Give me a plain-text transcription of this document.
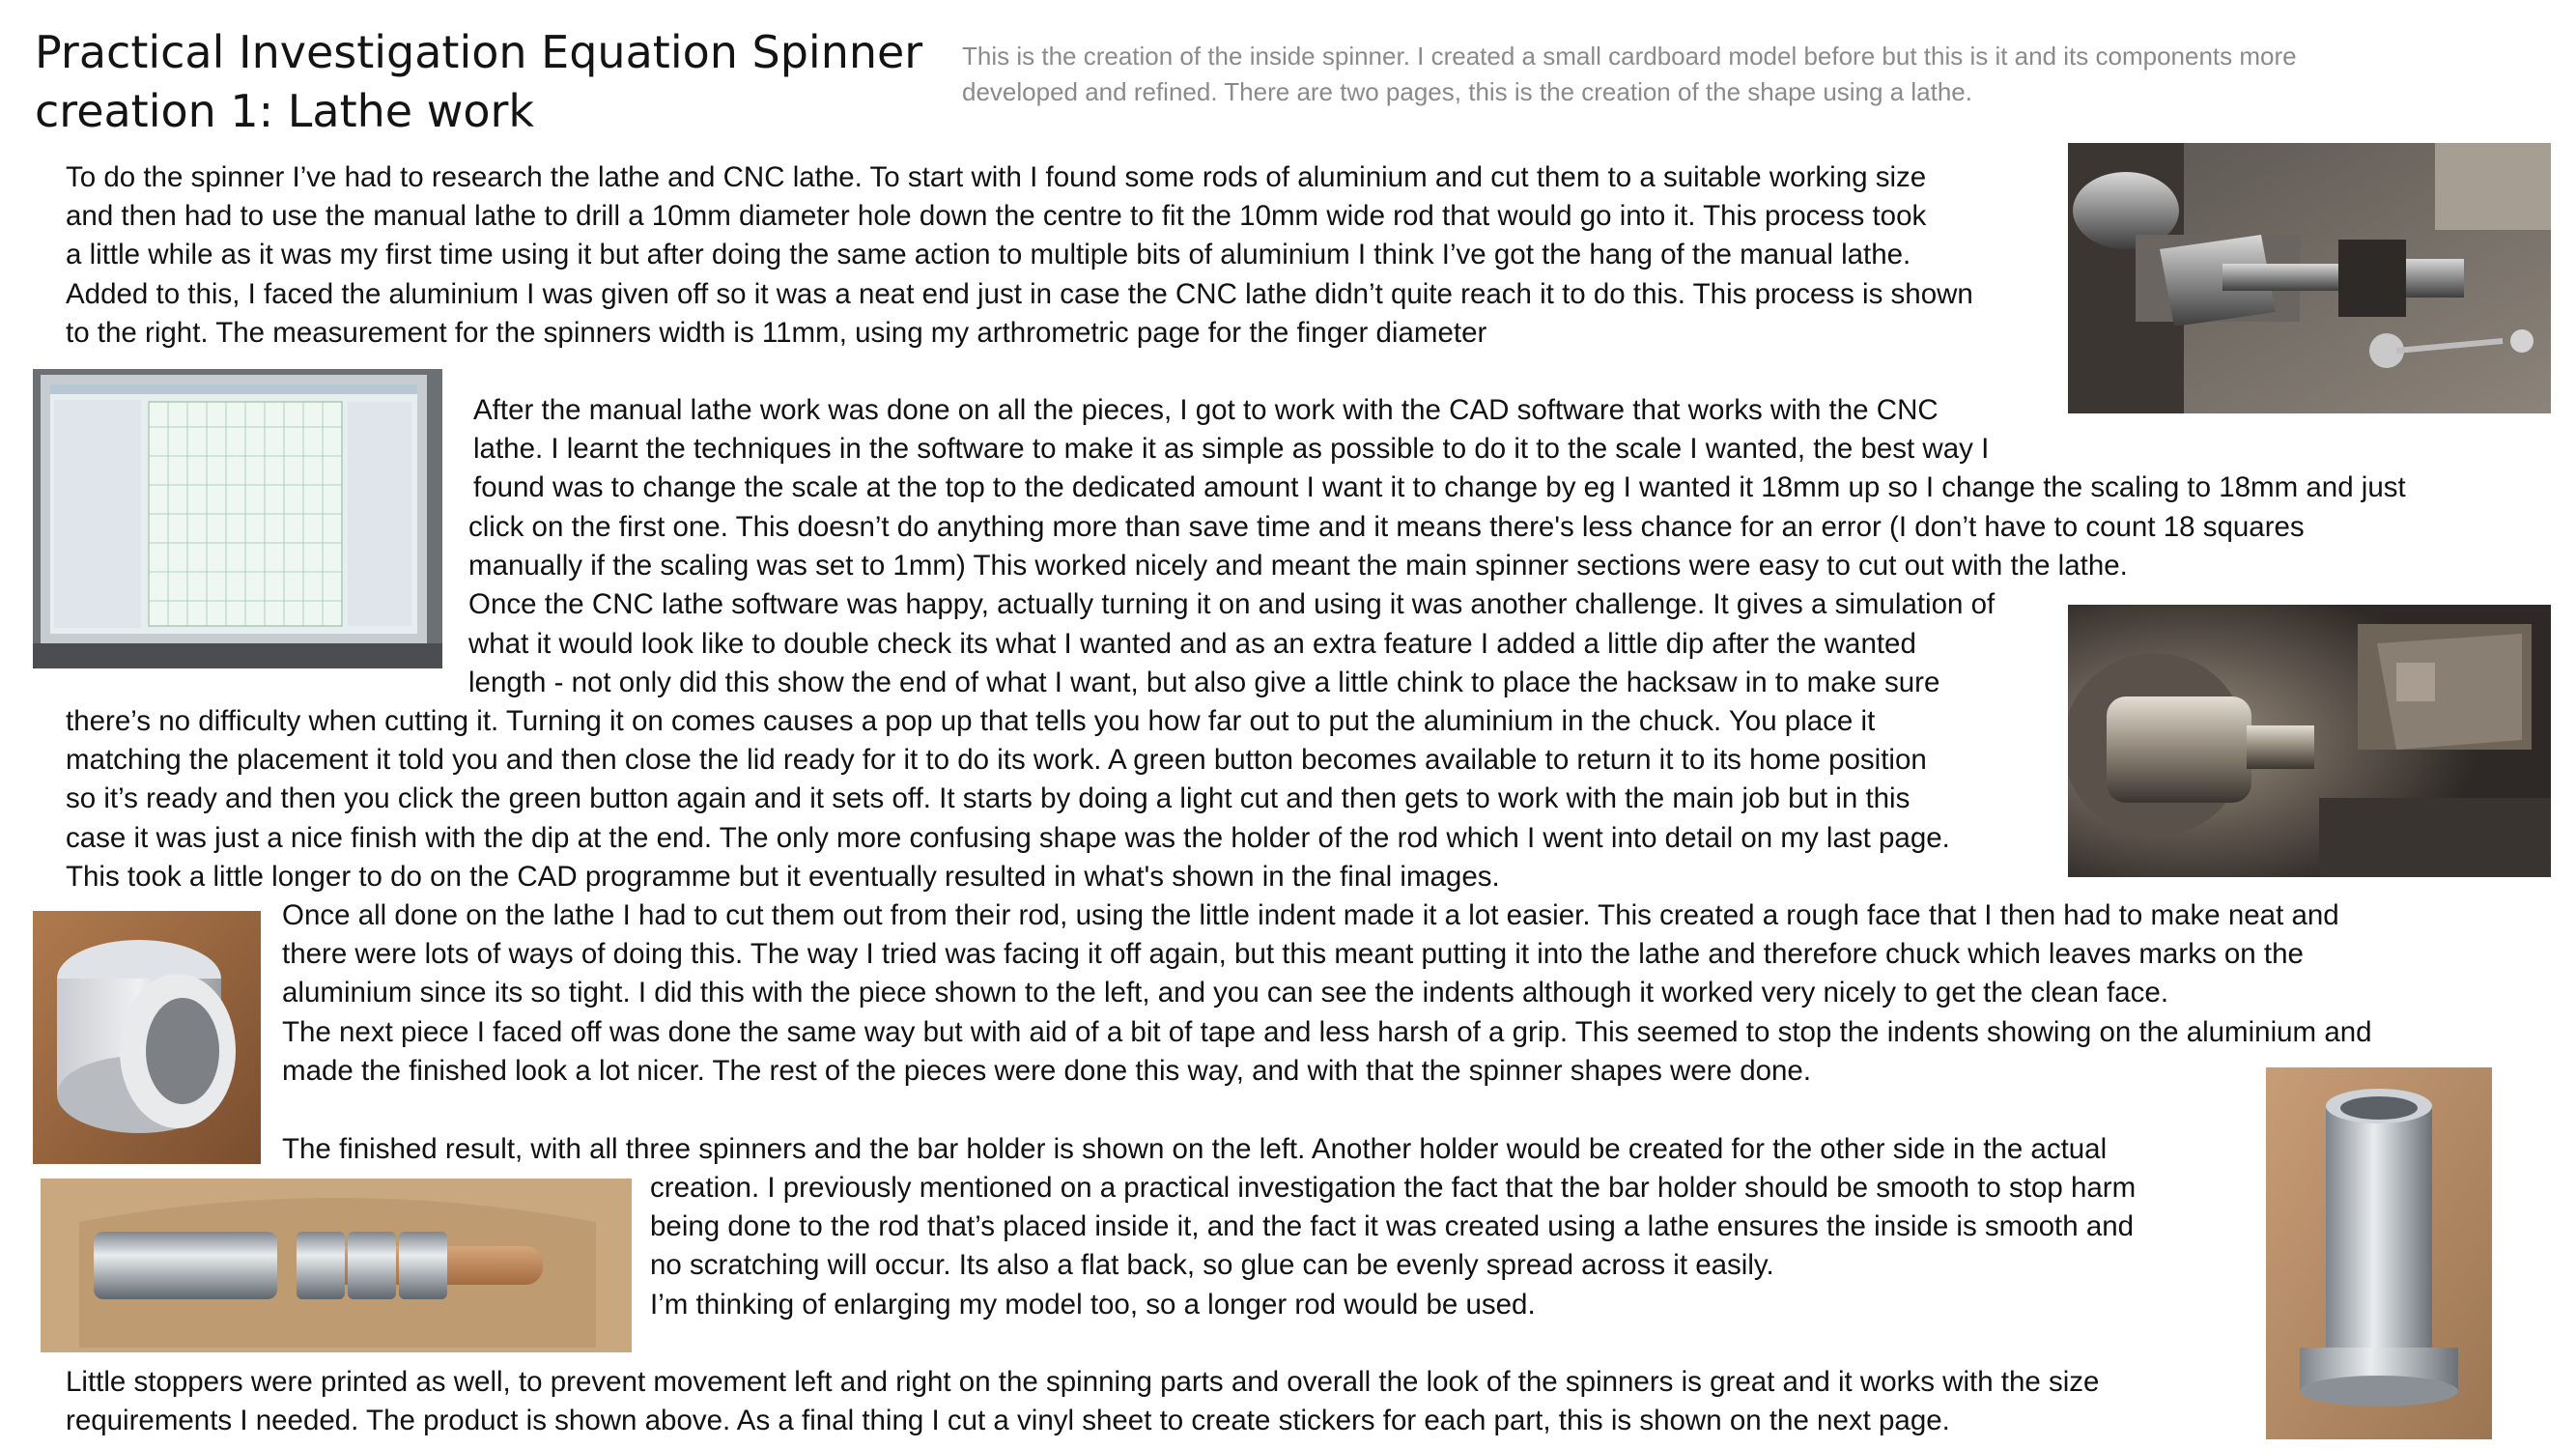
Practical Investigation Equation Spinner
creation 1: Lathe work
This is the creation of the inside spinner. I created a small cardboard model before but this is it and its components more
developed and refined. There are two pages, this is the creation of the shape using a lathe.
To do the spinner I’ve had to research the lathe and CNC lathe. To start with I found some rods of aluminium and cut them to a suitable working size
and then had to use the manual lathe to drill a 10mm diameter hole down the centre to fit the 10mm wide rod that would go into it. This process took
a little while as it was my first time using it but after doing the same action to multiple bits of aluminium I think I’ve got the hang of the manual lathe.
Added to this, I faced the aluminium I was given off so it was a neat end just in case the CNC lathe didn’t quite reach it to do this. This process is shown
to the right. The measurement for the spinners width is 11mm, using my arthrometric page for the finger diameter
After the manual lathe work was done on all the pieces, I got to work with the CAD software that works with the CNC
lathe. I learnt the techniques in the software to make it as simple as possible to do it to the scale I wanted, the best way I
found was to change the scale at the top to the dedicated amount I want it to change by eg I wanted it 18mm up so I change the scaling to 18mm and just
click on the first one. This doesn’t do anything more than save time and it means there's less chance for an error (I don’t have to count 18 squares
manually if the scaling was set to 1mm) This worked nicely and meant the main spinner sections were easy to cut out with the lathe.
Once the CNC lathe software was happy, actually turning it on and using it was another challenge. It gives a simulation of
what it would look like to double check its what I wanted and as an extra feature I added a little dip after the wanted
length - not only did this show the end of what I want, but also give a little chink to place the hacksaw in to make sure
there’s no difficulty when cutting it. Turning it on comes causes a pop up that tells you how far out to put the aluminium in the chuck. You place it
matching the placement it told you and then close the lid ready for it to do its work. A green button becomes available to return it to its home position
so it’s ready and then you click the green button again and it sets off. It starts by doing a light cut and then gets to work with the main job but in this
case it was just a nice finish with the dip at the end. The only more confusing shape was the holder of the rod which I went into detail on my last page.
This took a little longer to do on the CAD programme but it eventually resulted in what's shown in the final images.
Once all done on the lathe I had to cut them out from their rod, using the little indent made it a lot easier. This created a rough face that I then had to make neat and
there were lots of ways of doing this. The way I tried was facing it off again, but this meant putting it into the lathe and therefore chuck which leaves marks on the
aluminium since its so tight. I did this with the piece shown to the left, and you can see the indents although it worked very nicely to get the clean face.
The next piece I faced off was done the same way but with aid of a bit of tape and less harsh of a grip. This seemed to stop the indents showing on the aluminium and
made the finished look a lot nicer. The rest of the pieces were done this way, and with that the spinner shapes were done.
The finished result, with all three spinners and the bar holder is shown on the left. Another holder would be created for the other side in the actual
creation. I previously mentioned on a practical investigation the fact that the bar holder should be smooth to stop harm
being done to the rod that’s placed inside it, and the fact it was created using a lathe ensures the inside is smooth and
no scratching will occur. Its also a flat back, so glue can be evenly spread across it easily.
I’m thinking of enlarging my model too, so a longer rod would be used.
Little stoppers were printed as well, to prevent movement left and right on the spinning parts and overall the look of the spinners is great and it works with the size
requirements I needed. The product is shown above. As a final thing I cut a vinyl sheet to create stickers for each part, this is shown on the next page.
